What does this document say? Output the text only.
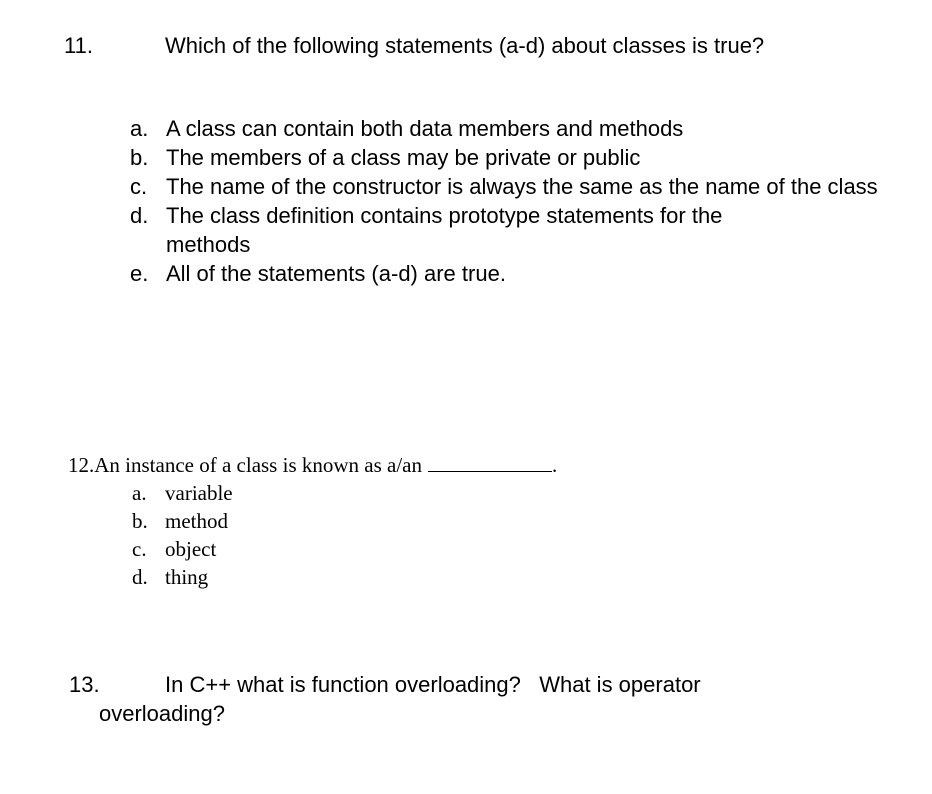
11.	Which of the following statements (a-d) about classes is true?
a. A class can contain both data members and methods
b. The members of a class may be private or public
c. The name of the constructor is always the same as the name of the class
d. The class definition contains prototype statements for the methods
e. All of the statements (a-d) are true.
12.An instance of a class is known as a/an	.
a. variable
b. method
c. object
d. thing
13.	In C++ what is function overloading?   What is operator
overloading?
